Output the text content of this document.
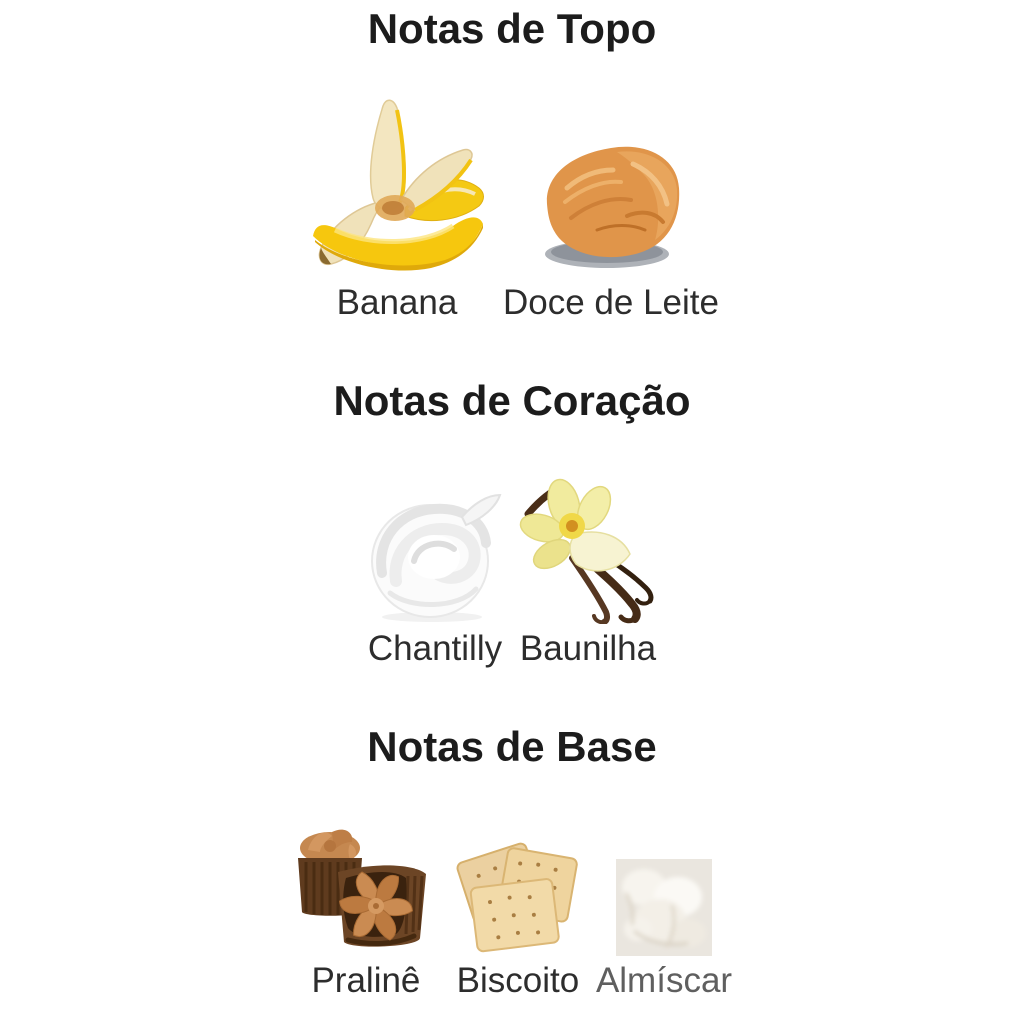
Notas de Topo
Banana Doce de Leite
Notas de Coração
Chantilly Baunilha
Notas de Base
Pralinê Biscoito Almíscar
